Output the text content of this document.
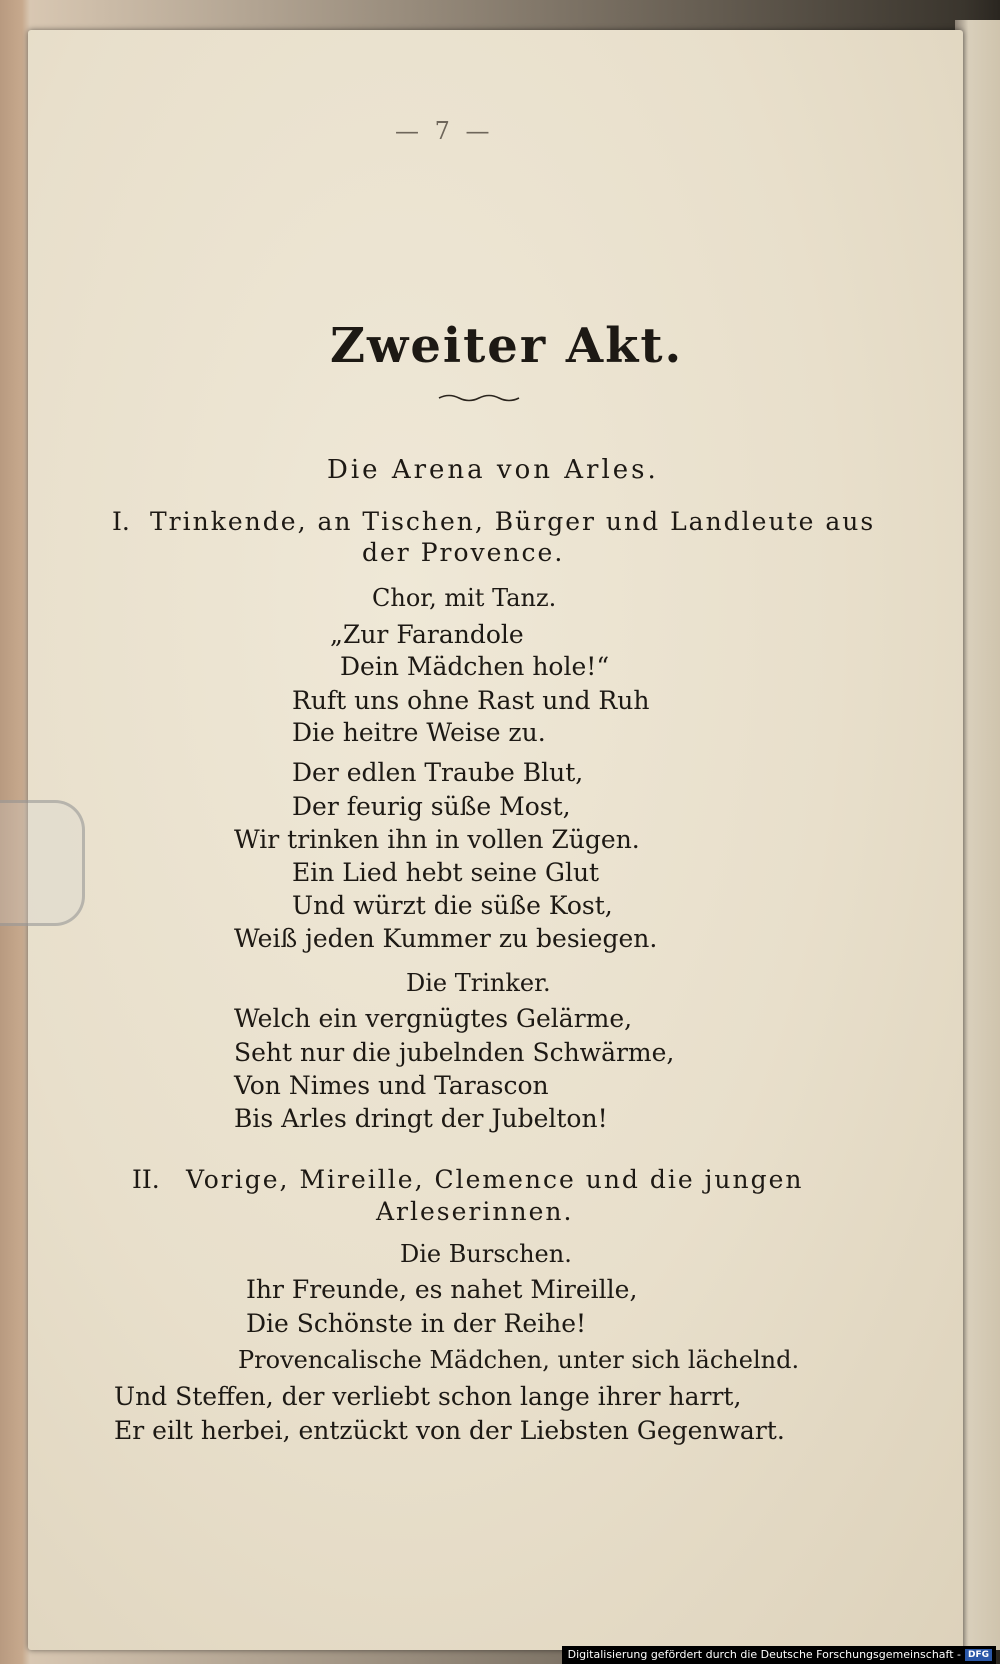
— 7 —
Zweiter Akt.
Die Arena von Arles.
I. Trinkende, an Tischen, Bürger und Landleute aus
der Provence.
Chor, mit Tanz.
„Zur Farandole
Dein Mädchen hole!“
Ruft uns ohne Rast und Ruh
Die heitre Weise zu.
Der edlen Traube Blut,
Der feurig süße Most,
Wir trinken ihn in vollen Zügen.
Ein Lied hebt seine Glut
Und würzt die süße Kost,
Weiß jeden Kummer zu besiegen.
Die Trinker.
Welch ein vergnügtes Gelärme,
Seht nur die jubelnden Schwärme,
Von Nimes und Tarascon
Bis Arles dringt der Jubelton!
II. Vorige, Mireille, Clemence und die jungen
Arleserinnen.
Die Burschen.
Ihr Freunde, es nahet Mireille,
Die Schönste in der Reihe!
Provencalische Mädchen, unter sich lächelnd.
Und Steffen, der verliebt schon lange ihrer harrt,
Er eilt herbei, entzückt von der Liebsten Gegenwart.
Digitalisierung gefördert durch die Deutsche Forschungsgemeinschaft - DFG
